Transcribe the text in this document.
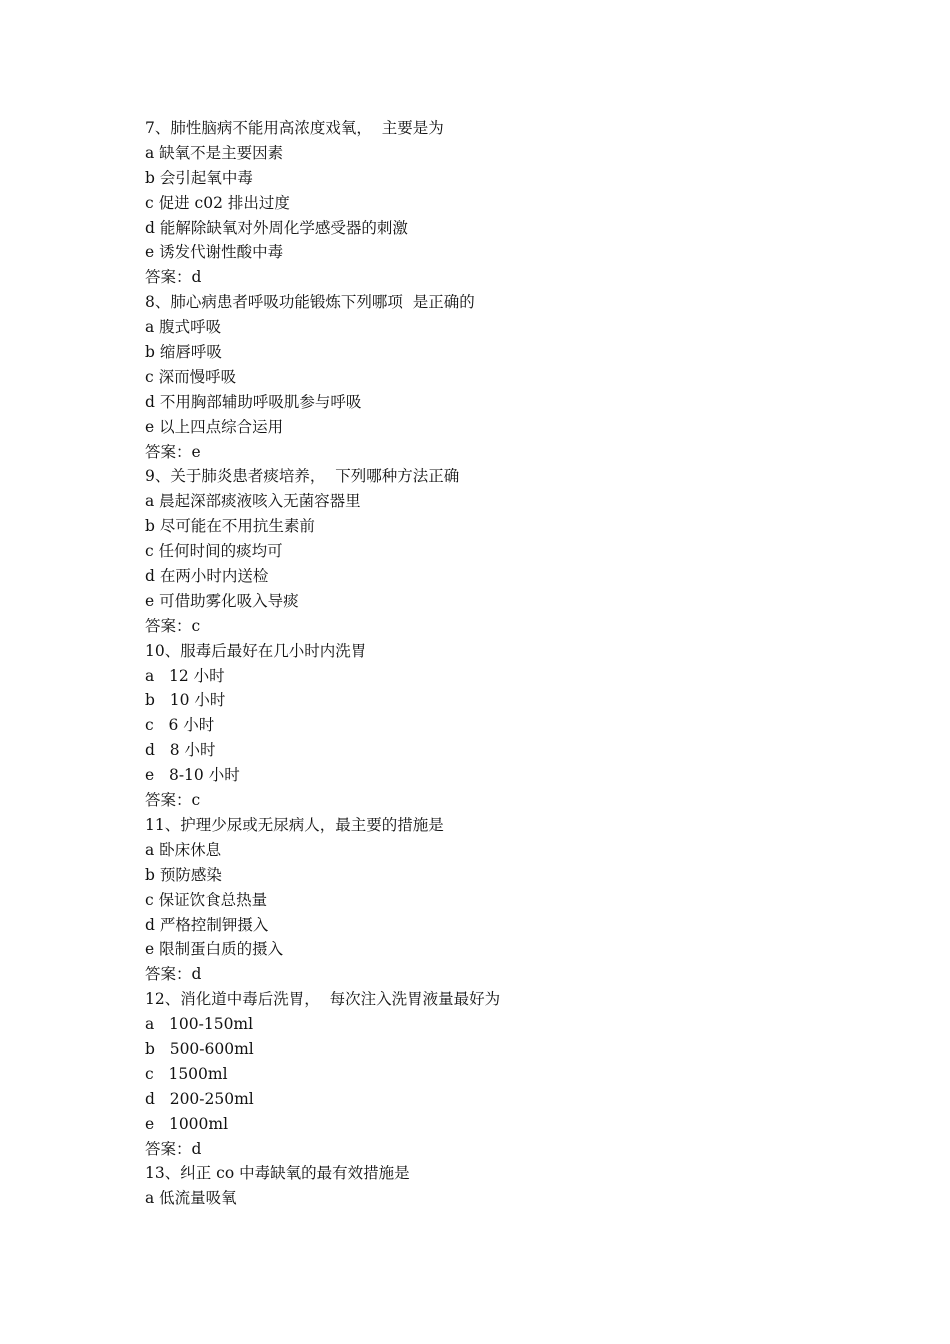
7、肺性脑病不能用高浓度戏氧，  主要是为

a 缺氧不是主要因素

b 会引起氧中毒

c 促进 c02 排出过度

d 能解除缺氧对外周化学感受器的刺激

e 诱发代谢性酸中毒

答案：d

8、肺心病患者呼吸功能锻炼下列哪项  是正确的

a 腹式呼吸

b 缩唇呼吸

c 深而慢呼吸

d 不用胸部辅助呼吸肌参与呼吸

e 以上四点综合运用

答案：e

9、关于肺炎患者痰培养，  下列哪种方法正确

a 晨起深部痰液咳入无菌容器里

b 尽可能在不用抗生素前

c 任何时间的痰均可

d 在两小时内送检

e 可借助雾化吸入导痰

答案：c

10、服毒后最好在几小时内洗胃

a   12 小时

b   10 小时

c   6 小时

d   8 小时

e   8-10 小时

答案：c

11、护理少尿或无尿病人，最主要的措施是

a 卧床休息

b 预防感染

c 保证饮食总热量

d 严格控制钾摄入

e 限制蛋白质的摄入

答案：d

12、消化道中毒后洗胃，  每次注入洗胃液量最好为

a   100-150ml

b   500-600ml

c   1500ml

d   200-250ml

e   1000ml

答案：d

13、纠正 co 中毒缺氧的最有效措施是

a 低流量吸氧
